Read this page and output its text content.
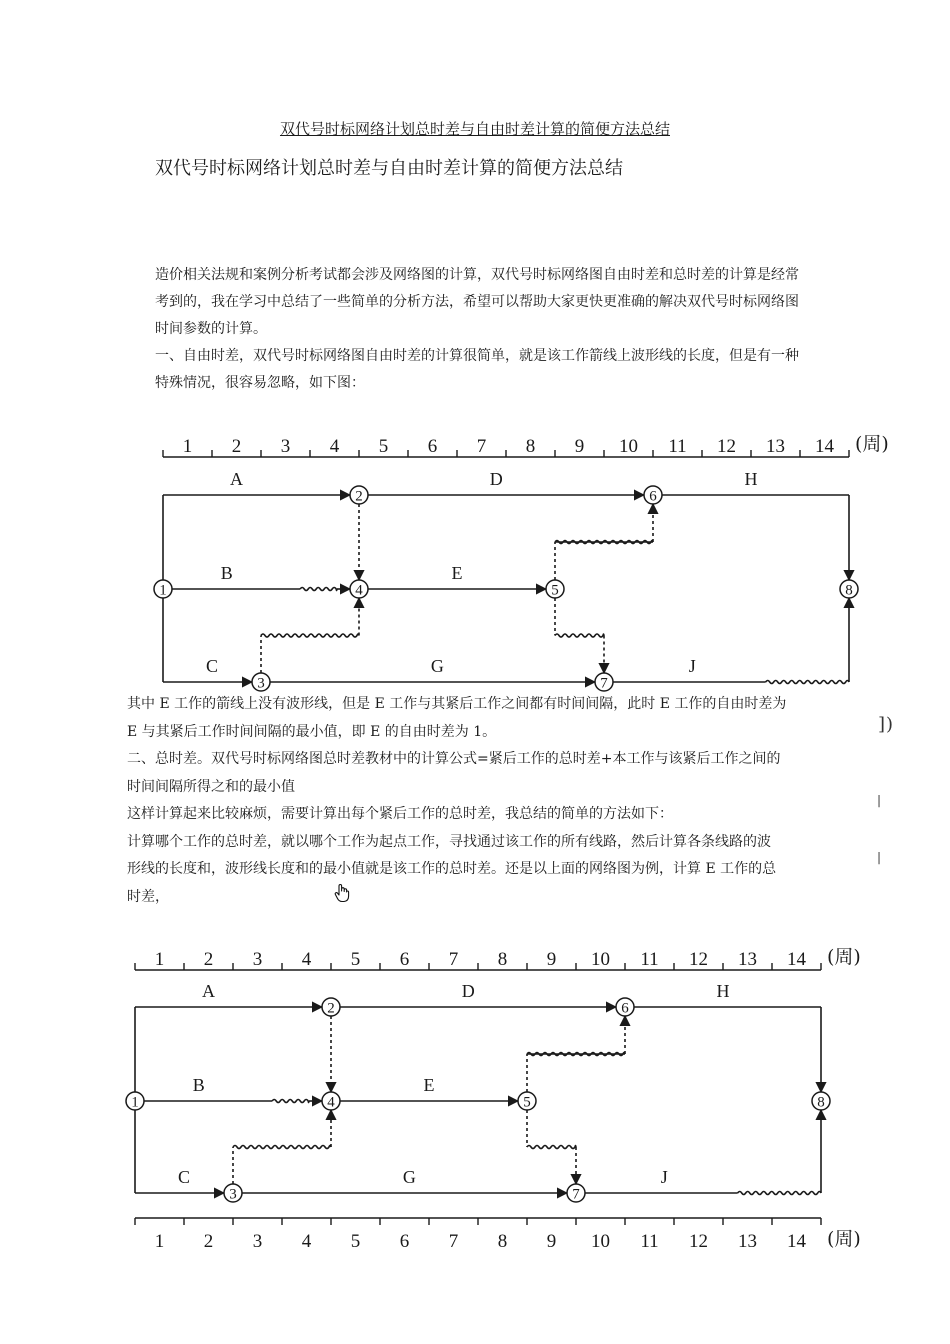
双代号时标网络计划总时差与自由时差计算的简便方法总结
双代号时标网络计划总时差与自由时差计算的简便方法总结
造价相关法规和案例分析考试都会涉及网络图的计算，双代号时标网络图自由时差和总时差的计算是经常
考到的，我在学习中总结了一些简单的分析方法，希望可以帮助大家更快更准确的解决双代号时标网络图
时间参数的计算。
一、自由时差，双代号时标网络图自由时差的计算很简单，就是该工作箭线上波形线的长度，但是有一种
特殊情况，很容易忽略，如下图：
1 2 3 4 5 6 7 8 9 10 11 12 13 14 (周)
A
C
B
D	H
E
G	J
1
2
3
4	5
6
7
8
其中 E 工作的箭线上没有波形线，但是 E 工作与其紧后工作之间都有时间间隔，此时 E 工作的自由时差为
E 与其紧后工作时间间隔的最小值，即 E 的自由时差为 1。
二、总时差。双代号时标网络图总时差教材中的计算公式=紧后工作的总时差+本工作与该紧后工作之间的
时间间隔所得之和的最小值
这样计算起来比较麻烦，需要计算出每个紧后工作的总时差，我总结的简单的方法如下：
计算哪个工作的总时差，就以哪个工作为起点工作，寻找通过该工作的所有线路，然后计算各条线路的波
形线的长度和，波形线长度和的最小值就是该工作的总时差。还是以上面的网络图为例，计算 E 工作的总
时差，
] )
|
|
1 2 3 4 5 6 7 8 9 10 11 12 13 14 (周)
1 2 3 4 5 6 7 8 9 10 11 12 13 14 (周)
A
C
B
D	H
E
G	J
1
2
3
4	5
6
7
8
